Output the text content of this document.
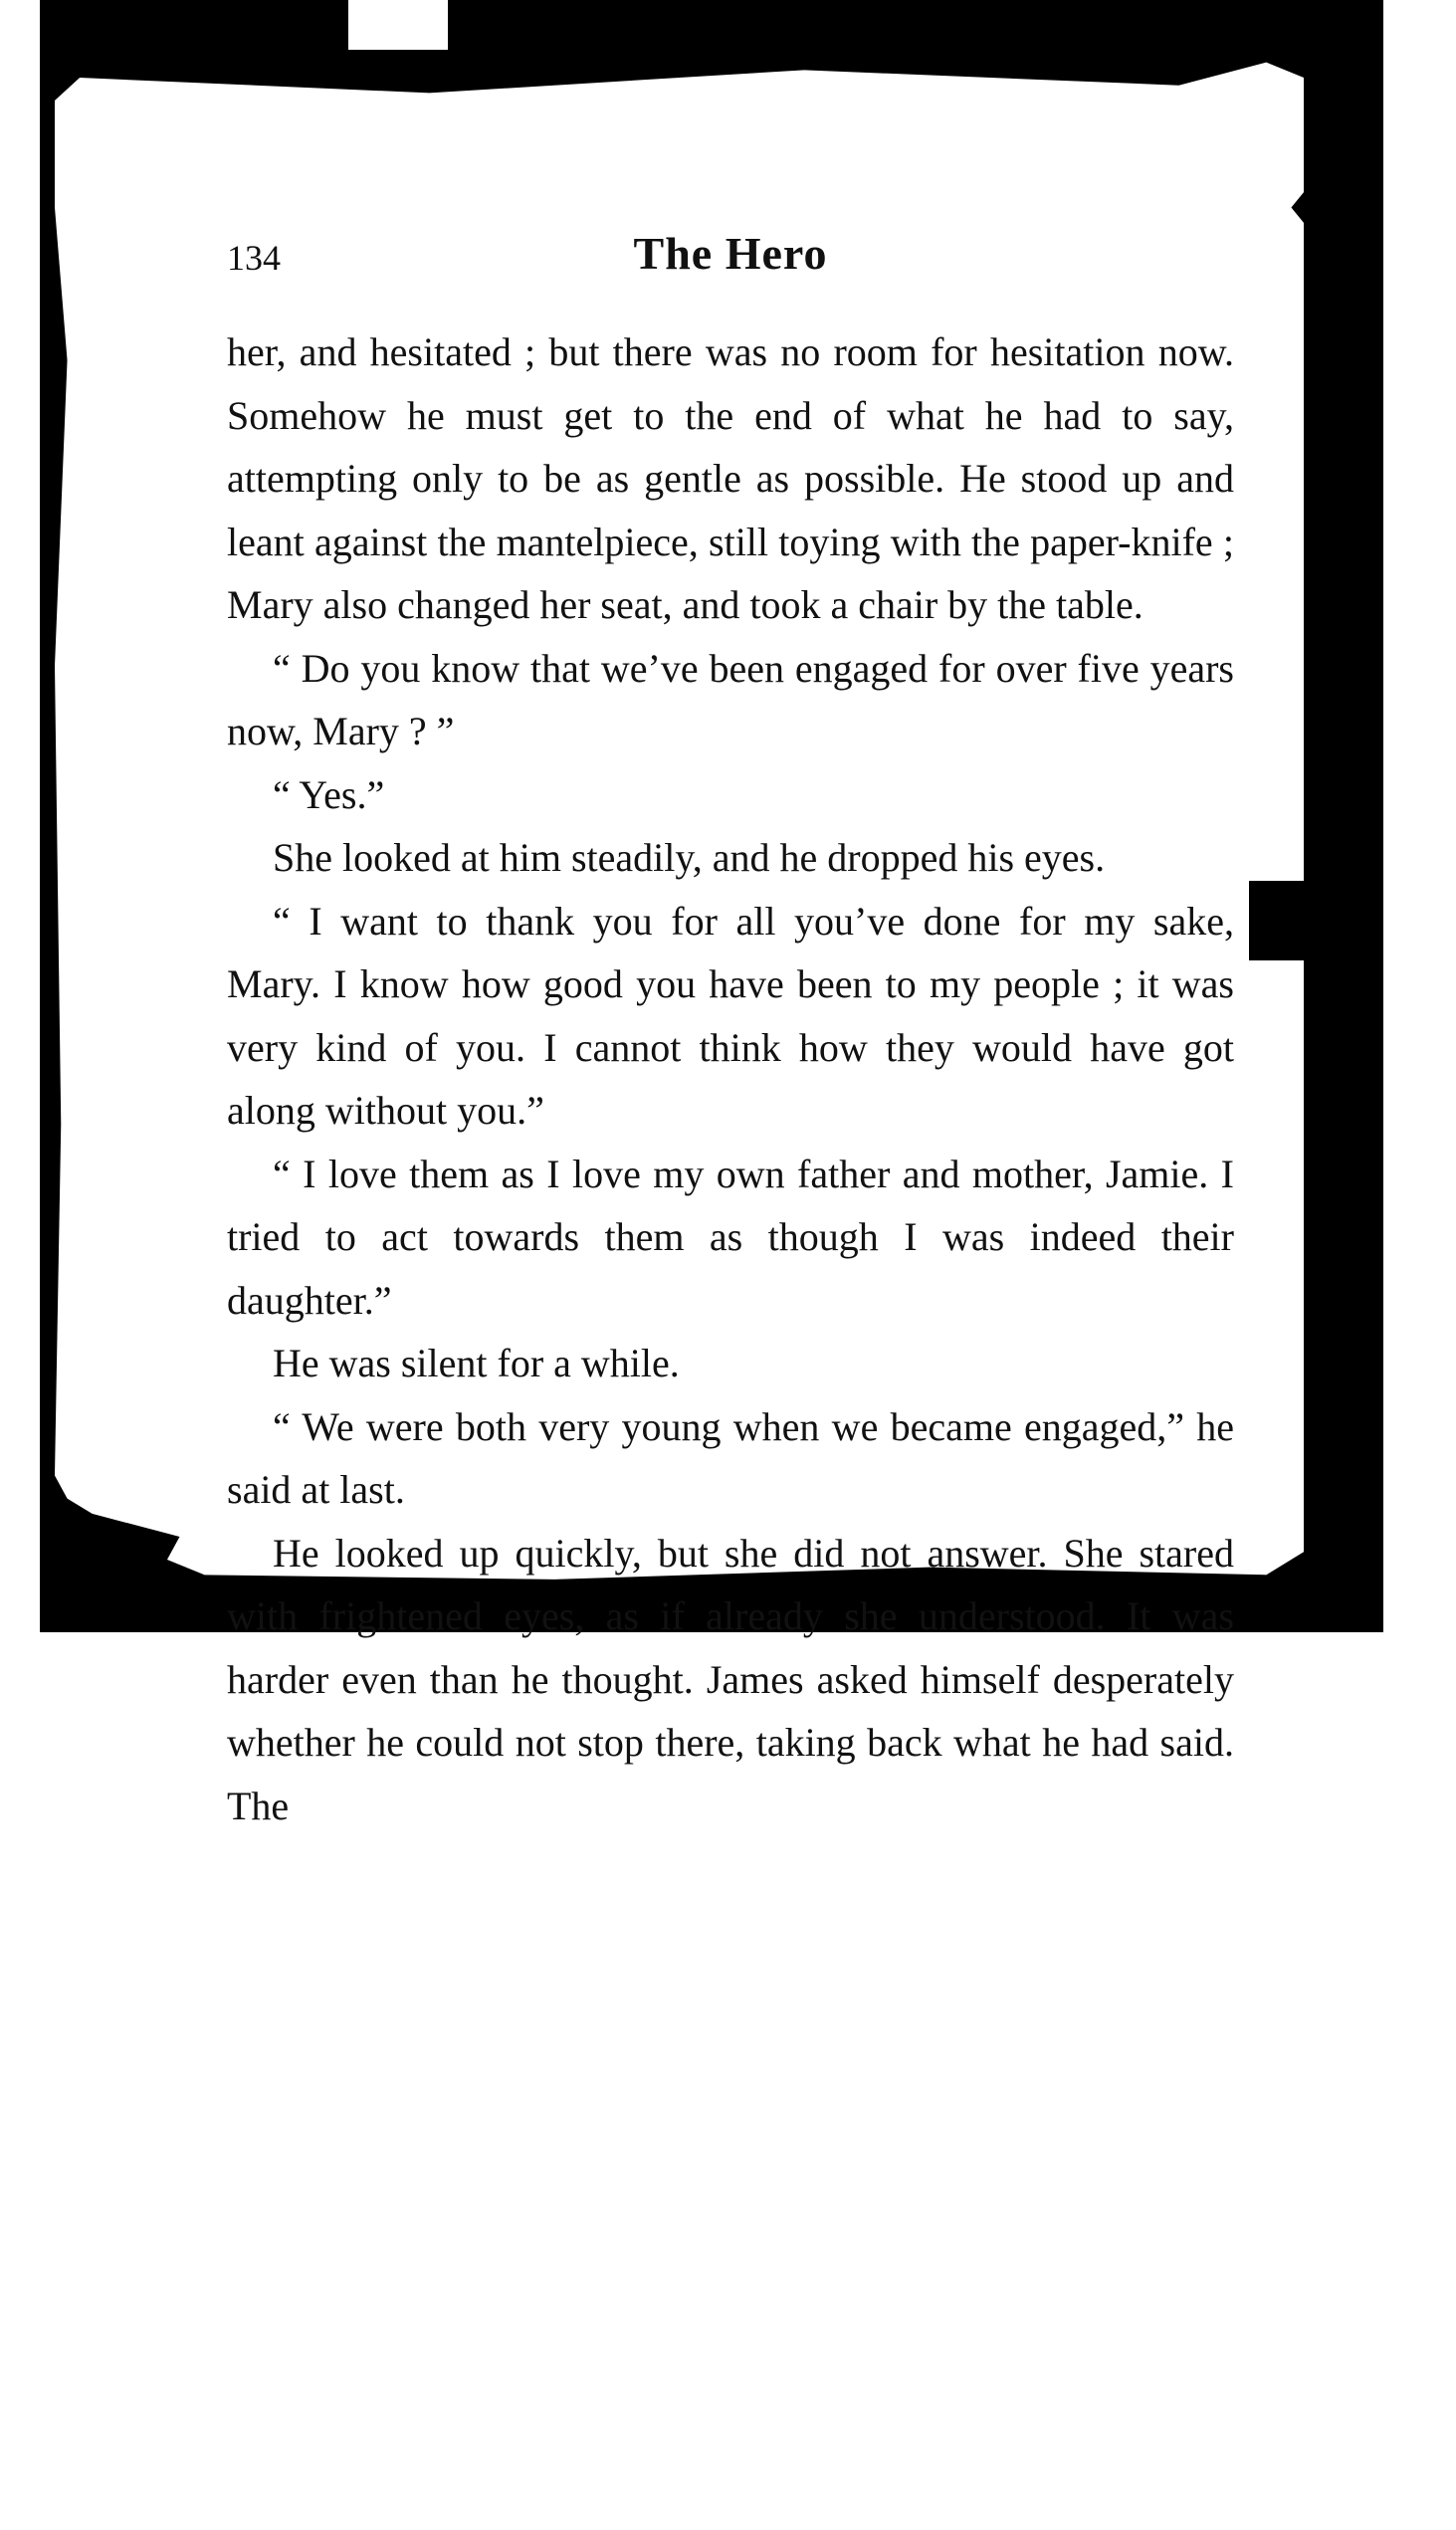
134	The Hero

her, and hesitated ; but there was no room for hesitation now. Somehow he must get to the end of what he had to say, attempting only to be as gentle as possible. He stood up and leant against the mantelpiece, still toying with the paper-knife ; Mary also changed her seat, and took a chair by the table.

“ Do you know that we’ve been engaged for over five years now, Mary ? ”

“ Yes.”

She looked at him steadily, and he dropped his eyes.

“ I want to thank you for all you’ve done for my sake, Mary. I know how good you have been to my people ; it was very kind of you. I cannot think how they would have got along without you.”

“ I love them as I love my own father and mother, Jamie. I tried to act towards them as though I was indeed their daughter.”

He was silent for a while.

“ We were both very young when we became engaged,” he said at last.

He looked up quickly, but she did not answer. She stared with frightened eyes, as if already she understood. It was harder even than he thought. James asked himself desperately whether he could not stop there, taking back what he had said. The
